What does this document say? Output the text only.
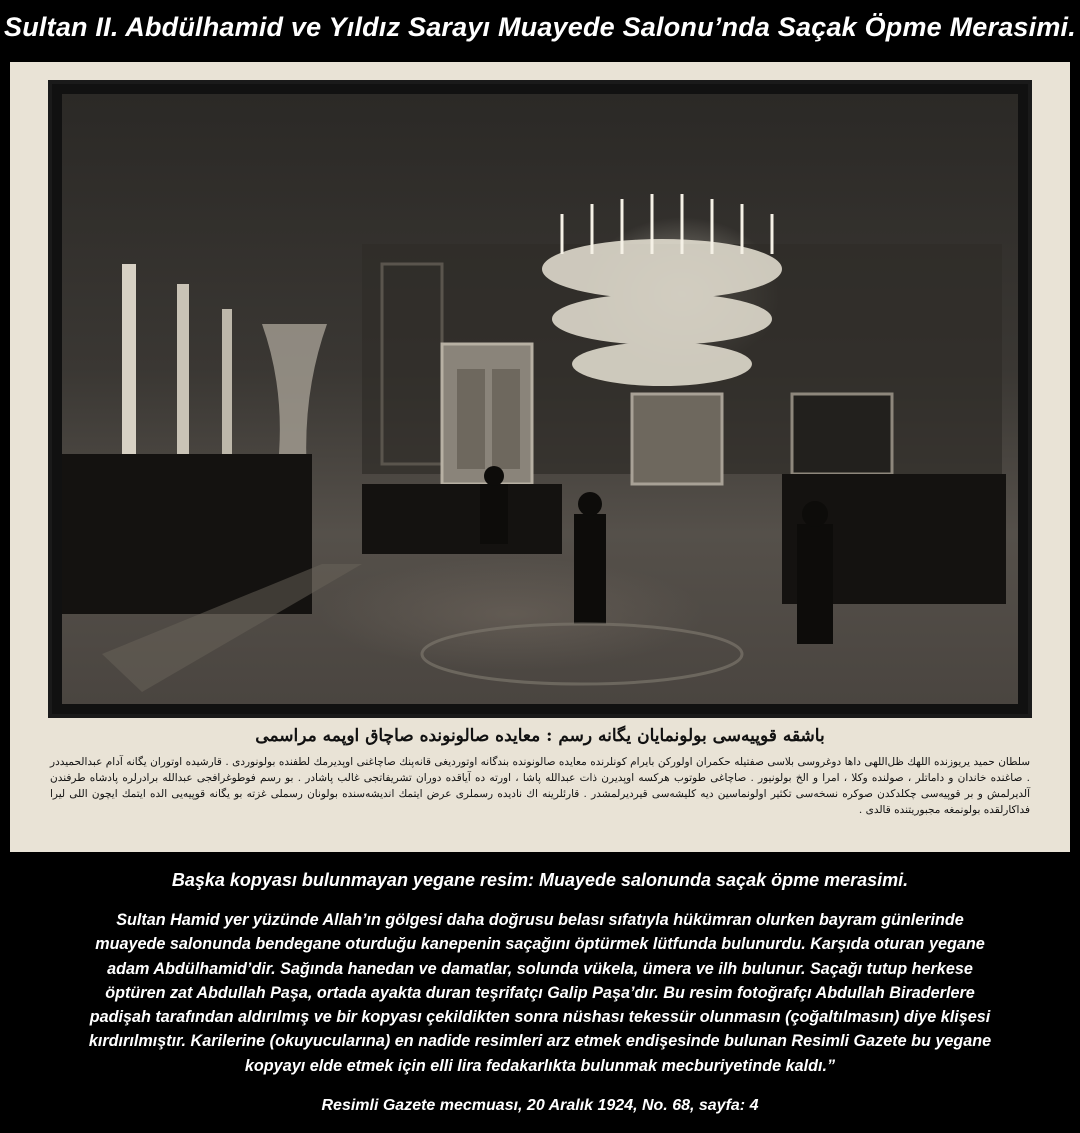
Sultan II. Abdülhamid ve Yıldız Sarayı Muayede Salonu’nda Saçak Öpme Merasimi.
باشقه قوپیه‌سی بولونمایان یگانه رسم : معایده صالونونده صاچاق اوپمه مراسمی
سلطان حمید یریوزنده اللهك ظل‌اللهی داها دوغروسی بلاسی صفتیله حکمران اولورکن بایرام کونلرنده معایده صالونونده بندگانه اوتوردیغی قانه‌پنك صاچاغنی اوپدیرمك لطفنده بولونوردی . قارشیده اوتوران یگانه آدام عبدالحمیددر . صاغنده خاندان و داماتلر ، صولنده وکلا ، امرا و الخ بولونیور . صاچاغی طوتوب هرکسه اوپدیرن ذات عبدالله پاشا ، اورته ده آیاقده دوران تشریفاتجی غالب پاشادر . بو رسم فوطوغرافجی عبدالله برادرلره پادشاه طرفندن آلدیرلمش و بر قوپیه‌سی چکلدکدن صوکره نسخه‌سی تکثیر اولونماسین دیه کلیشه‌سی قیردیرلمشدر . قارئلرینه اك نادیده رسملری عرض ایتمك اندیشه‌سنده بولونان رسملی غزته بو یگانه قوپیه‌یی الده ایتمك ایچون اللی لیرا فداکارلقده بولونمغه مجبوریتنده قالدی .
Başka kopyası bulunmayan yegane resim: Muayede salonunda saçak öpme merasimi.
Sultan Hamid yer yüzünde Allah’ın gölgesi daha doğrusu belası sıfatıyla hükümran olurken bayram günlerinde
muayede salonunda bendegane oturduğu kanepenin saçağını öptürmek lütfunda bulunurdu. Karşıda oturan yegane
adam Abdülhamid’dir. Sağında hanedan ve damatlar, solunda vükela, ümera ve ilh bulunur. Saçağı tutup herkese
öptüren zat Abdullah Paşa, ortada ayakta duran teşrifatçı Galip Paşa’dır. Bu resim fotoğrafçı Abdullah Biraderlere
padişah tarafından aldırılmış ve bir kopyası çekildikten sonra nüshası tekessür olunmasın (çoğaltılmasın) diye klişesi
kırdırılmıştır. Karilerine (okuyucularına) en nadide resimleri arz etmek endişesinde bulunan Resimli Gazete bu yegane
kopyayı elde etmek için elli lira fedakarlıkta bulunmak mecburiyetinde kaldı.”
Resimli Gazete mecmuası, 20 Aralık 1924, No. 68, sayfa: 4
